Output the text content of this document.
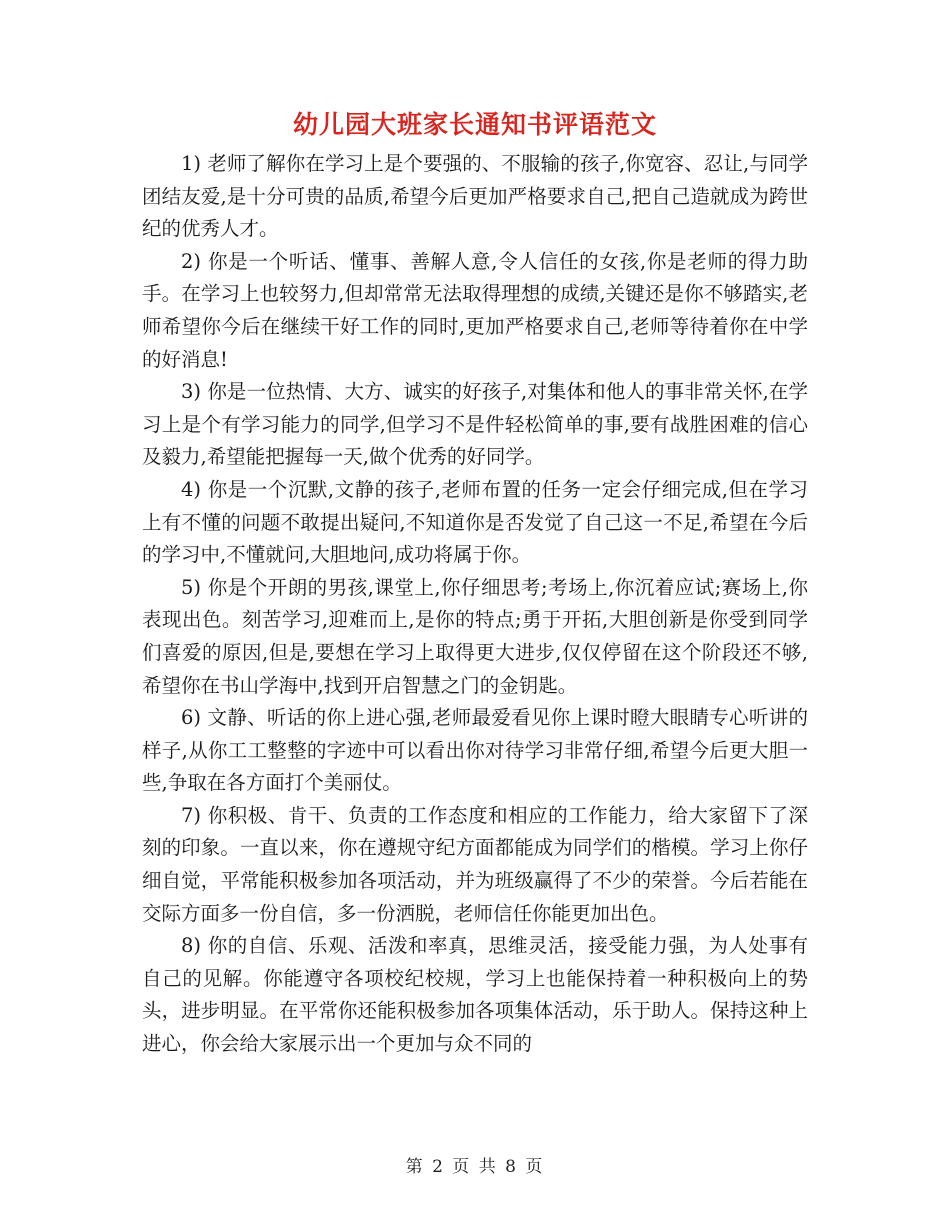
幼儿园大班家长通知书评语范文

1) 老师了解你在学习上是个要强的、不服输的孩子,你宽容、忍让,与同学团结友爱,是十分可贵的品质,希望今后更加严格要求自己,把自己造就成为跨世纪的优秀人才。

2) 你是一个听话、懂事、善解人意,令人信任的女孩,你是老师的得力助手。在学习上也较努力,但却常常无法取得理想的成绩,关键还是你不够踏实,老师希望你今后在继续干好工作的同时,更加严格要求自己,老师等待着你在中学的好消息!

3) 你是一位热情、大方、诚实的好孩子,对集体和他人的事非常关怀,在学习上是个有学习能力的同学,但学习不是件轻松简单的事,要有战胜困难的信心及毅力,希望能把握每一天,做个优秀的好同学。

4) 你是一个沉默,文静的孩子,老师布置的任务一定会仔细完成,但在学习上有不懂的问题不敢提出疑问,不知道你是否发觉了自己这一不足,希望在今后的学习中,不懂就问,大胆地问,成功将属于你。

5) 你是个开朗的男孩,课堂上,你仔细思考;考场上,你沉着应试;赛场上,你表现出色。刻苦学习,迎难而上,是你的特点;勇于开拓,大胆创新是你受到同学们喜爱的原因,但是,要想在学习上取得更大进步,仅仅停留在这个阶段还不够,希望你在书山学海中,找到开启智慧之门的金钥匙。

6) 文静、听话的你上进心强,老师最爱看见你上课时瞪大眼睛专心听讲的样子,从你工工整整的字迹中可以看出你对待学习非常仔细,希望今后更大胆一些,争取在各方面打个美丽仗。

7) 你积极、肯干、负责的工作态度和相应的工作能力，给大家留下了深刻的印象。一直以来，你在遵规守纪方面都能成为同学们的楷模。学习上你仔细自觉，平常能积极参加各项活动，并为班级赢得了不少的荣誉。今后若能在交际方面多一份自信，多一份洒脱，老师信任你能更加出色。

8) 你的自信、乐观、活泼和率真，思维灵活，接受能力强，为人处事有自己的见解。你能遵守各项校纪校规，学习上也能保持着一种积极向上的势头，进步明显。在平常你还能积极参加各项集体活动，乐于助人。保持这种上进心，你会给大家展示出一个更加与众不同的

第 2 页 共 8 页
